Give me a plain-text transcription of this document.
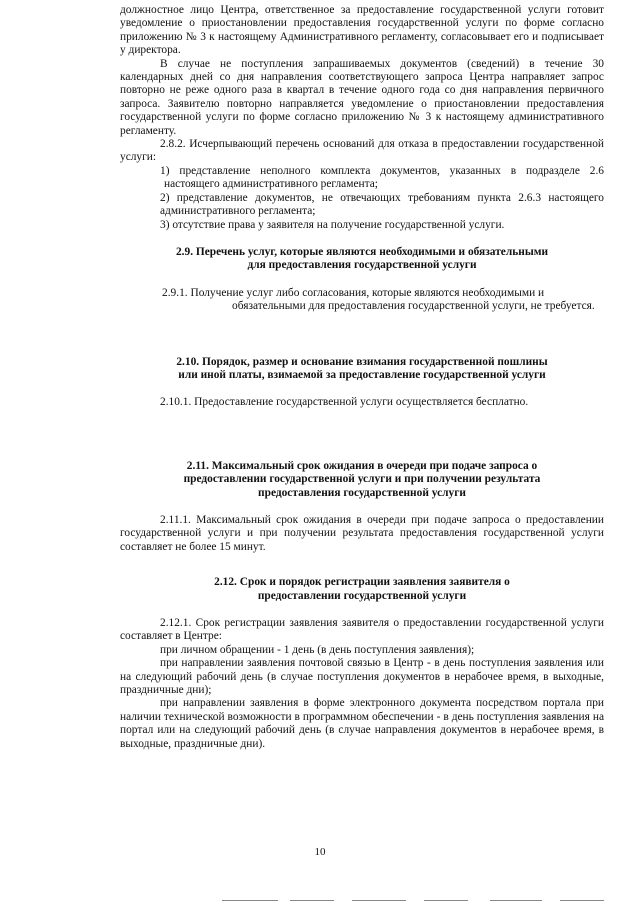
должностное лицо Центра, ответственное за предоставление государственной услуги готовит уведомление о приостановлении предоставления государственной услуги по форме согласно приложению № 3 к настоящему Административного регламенту, согласовывает его и подписывает у директора.

В случае не поступления запрашиваемых документов (сведений) в течение 30 календарных дней со дня направления соответствующего запроса Центра направляет запрос повторно не реже одного раза в квартал в течение одного года со дня направления первичного запроса. Заявителю повторно направляется уведомление о приостановлении предоставления государственной услуги по форме согласно приложению № 3 к настоящему административного регламенту.

2.8.2. Исчерпывающий перечень оснований для отказа в предоставлении государственной услуги:

1) представление неполного комплекта документов, указанных в подразделе 2.6 настоящего административного регламента;

2) представление документов, не отвечающих требованиям пункта 2.6.3 настоящего административного регламента;

3) отсутствие права у заявителя на получение государственной услуги.

2.9. Перечень услуг, которые являются необходимыми и обязательными
для предоставления государственной услуги

2.9.1. Получение услуг либо согласования, которые являются необходимыми и обязательными для предоставления государственной услуги, не требуется.

2.10. Порядок, размер и основание взимания государственной пошлины
или иной платы, взимаемой за предоставление государственной услуги

2.10.1. Предоставление государственной услуги осуществляется бесплатно.

2.11. Максимальный срок ожидания в очереди при подаче запроса о
предоставлении государственной услуги и при получении результата
предоставления государственной услуги

2.11.1. Максимальный срок ожидания в очереди при подаче запроса о предоставлении государственной услуги и при получении результата предоставления государственной услуги составляет не более 15 минут.

2.12. Срок и порядок регистрации заявления заявителя о
предоставлении государственной услуги

2.12.1. Срок регистрации заявления заявителя о предоставлении государственной услуги составляет в Центре:

при личном обращении - 1 день (в день поступления заявления);

при направлении заявления почтовой связью в Центр - в день поступления заявления или на следующий рабочий день (в случае поступления документов в нерабочее время, в выходные, праздничные дни);

при направлении заявления в форме электронного документа посредством портала при наличии технической возможности в программном обеспечении - в день поступления заявления на портал или на следующий рабочий день (в случае направления документов в нерабочее время, в выходные, праздничные дни).

10
